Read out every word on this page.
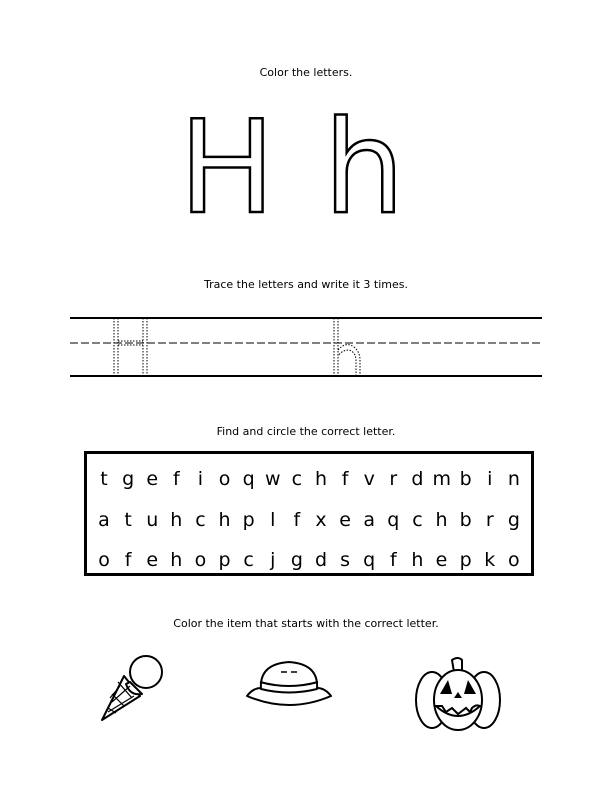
Color the letters.
H h
Trace the letters and write it 3 times.
Find and circle the correct letter.
t g e f i o q w c h f v r d m b i n
a t u h c h p l f x e a q c h b r g
o f e h o p c j g d s q f h e p k o
Color the item that starts with the correct letter.
